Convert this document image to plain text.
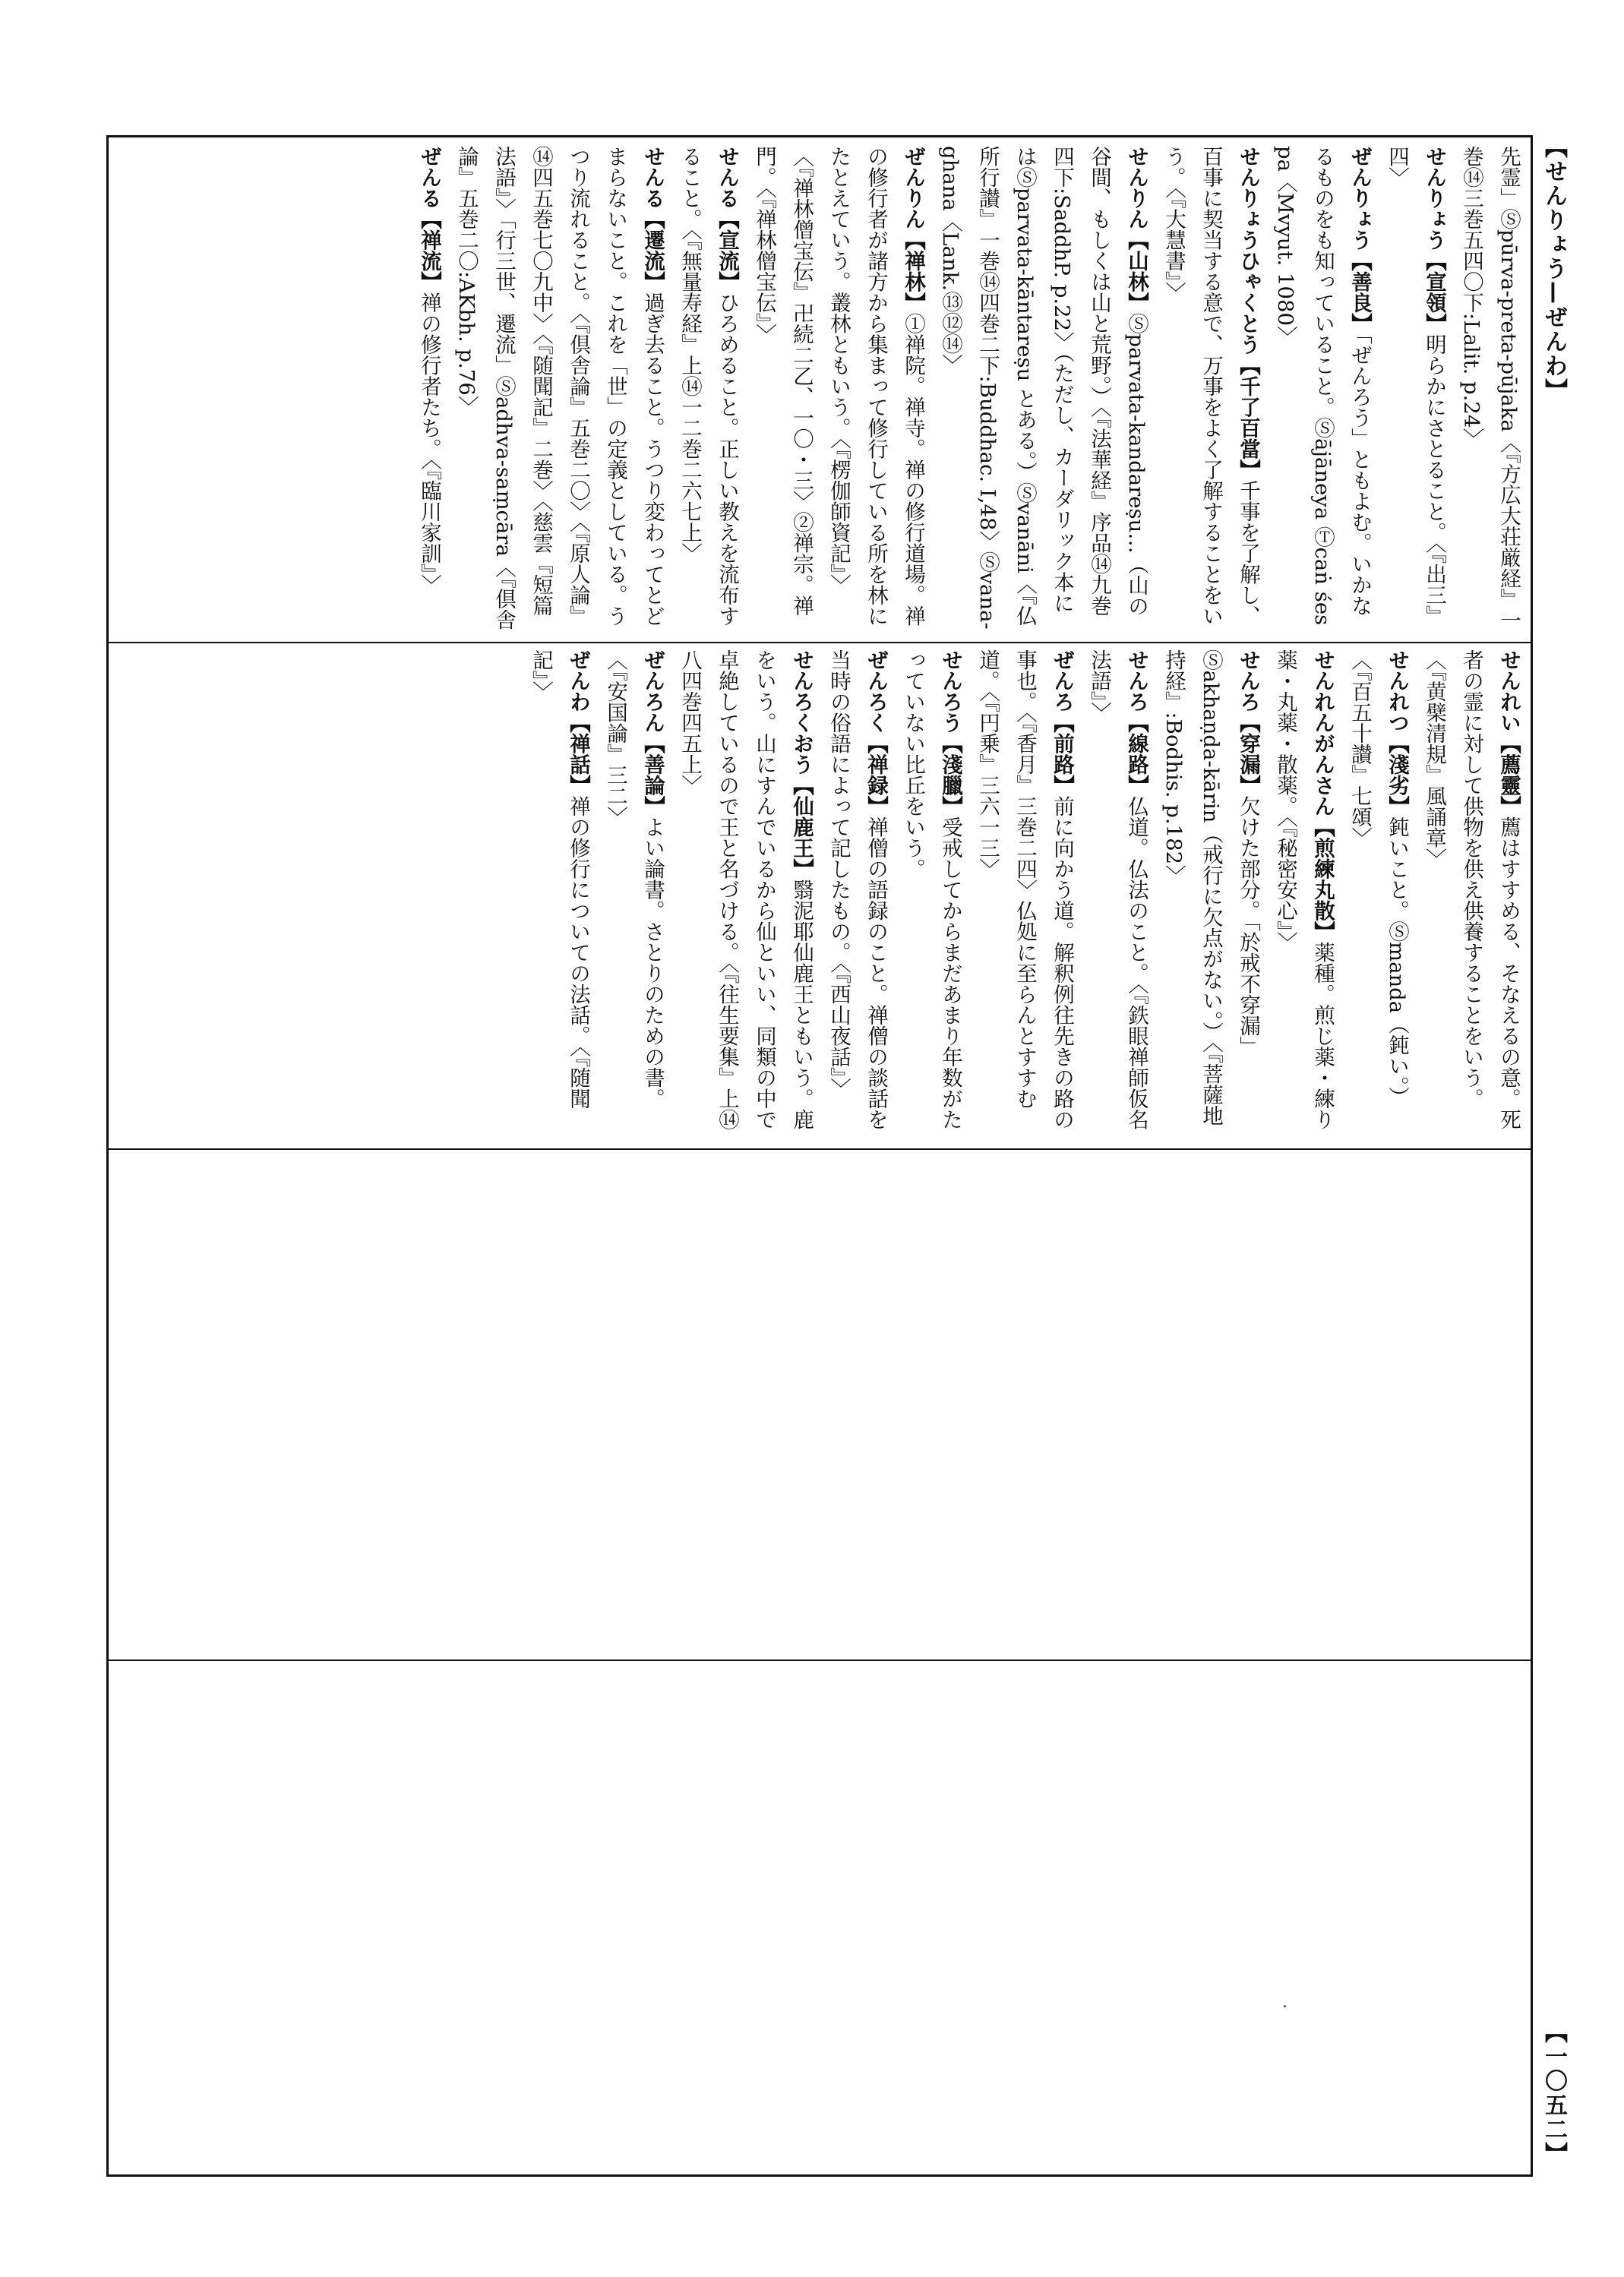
【せんりょう—ぜんわ】
【一〇五二】

先霊」Ⓢpūrva-preta-pūjaka〈『方広大荘厳経』一巻⑭三巻五四〇下:Lalit. p.24〉

せんりょう【宣領】明らかにさとること。〈『出三』四〉

ぜんりょう【善良】「ぜんろう」ともよむ。いかなるものをも知っていること。Ⓢājāneya Ⓣcaṅ śes pa〈Mvyut. 1080〉

せんりょうひゃくとう【千了百當】千事を了解し、百事に契当する意で、万事をよく了解することをいう。〈『大慧書』〉

せんりん【山林】Ⓢparvata-kandareṣu…（山の谷間、もしくは山と荒野。）〈『法華経』序品⑭九巻四下:SaddhP. p.22〉（ただし、カーダリック本にはⓈparvata-kāntareṣu とある。）Ⓢvanāni〈『仏所行讃』一巻⑭四巻二下:Buddhac. I,48〉Ⓢvana-ghana〈Lank.⑬⑫⑭〉

ぜんりん【禅林】①禅院。禅寺。禅の修行道場。禅の修行者が諸方から集まって修行している所を林にたとえていう。叢林ともいう。〈『楞伽師資記』〉〈『禅林僧宝伝』卍続二乙、一〇・三〉②禅宗。禅門。〈『禅林僧宝伝』〉

せんる【宣流】ひろめること。正しい教えを流布すること。〈『無量寿経』上⑭一二巻二六七上〉

せんる【遷流】過ぎ去ること。うつり変わってとどまらないこと。これを「世」の定義としている。うつり流れること。〈『倶舎論』五巻二〇〉〈『原人論』⑭四五巻七〇九中〉〈『随聞記』二巻〉〈慈雲『短篇法語』〉「行三世、遷流」Ⓢadhva-saṃcāra〈『倶舎論』五巻二〇:AKbh. p.76〉

ぜんる【禅流】禅の修行者たち。〈『臨川家訓』〉

せんれい【薦靈】薦はすすめる、そなえるの意。死者の霊に対して供物を供え供養することをいう。〈『黄檗清規』風誦章〉

せんれつ【淺劣】鈍いこと。Ⓢmanda（鈍い。）〈『百五十讃』七頌〉

せんれんがんさん【煎練丸散】薬種。煎じ薬・練り薬・丸薬・散薬。〈『秘密安心』〉

せんろ【穿漏】欠けた部分。「於戒不穿漏」Ⓢakhaṇḍa-kārin（戒行に欠点がない。）〈『菩薩地持経』:Bodhis. p.182〉

せんろ【線路】仏道。仏法のこと。〈『鉄眼禅師仮名法語』〉

ぜんろ【前路】前に向かう道。解釈例往先きの路の事也。〈『香月』三巻二四〉仏処に至らんとすすむ道。〈『円乗』三六一三〉

せんろう【淺臘】受戒してからまだあまり年数がたっていない比丘をいう。

ぜんろく【禅録】禅僧の語録のこと。禅僧の談話を当時の俗語によって記したもの。〈『西山夜話』〉

せんろくおう【仙鹿王】翳泥耶仙鹿王ともいう。鹿をいう。山にすんでいるから仙といい、同類の中で卓絶しているので王と名づける。〈『往生要集』上⑭八四巻四五上〉

ぜんろん【善論】よい論書。さとりのための書。〈『安国論』三二〉

ぜんわ【禅話】禅の修行についての法話。〈『随聞記』〉
